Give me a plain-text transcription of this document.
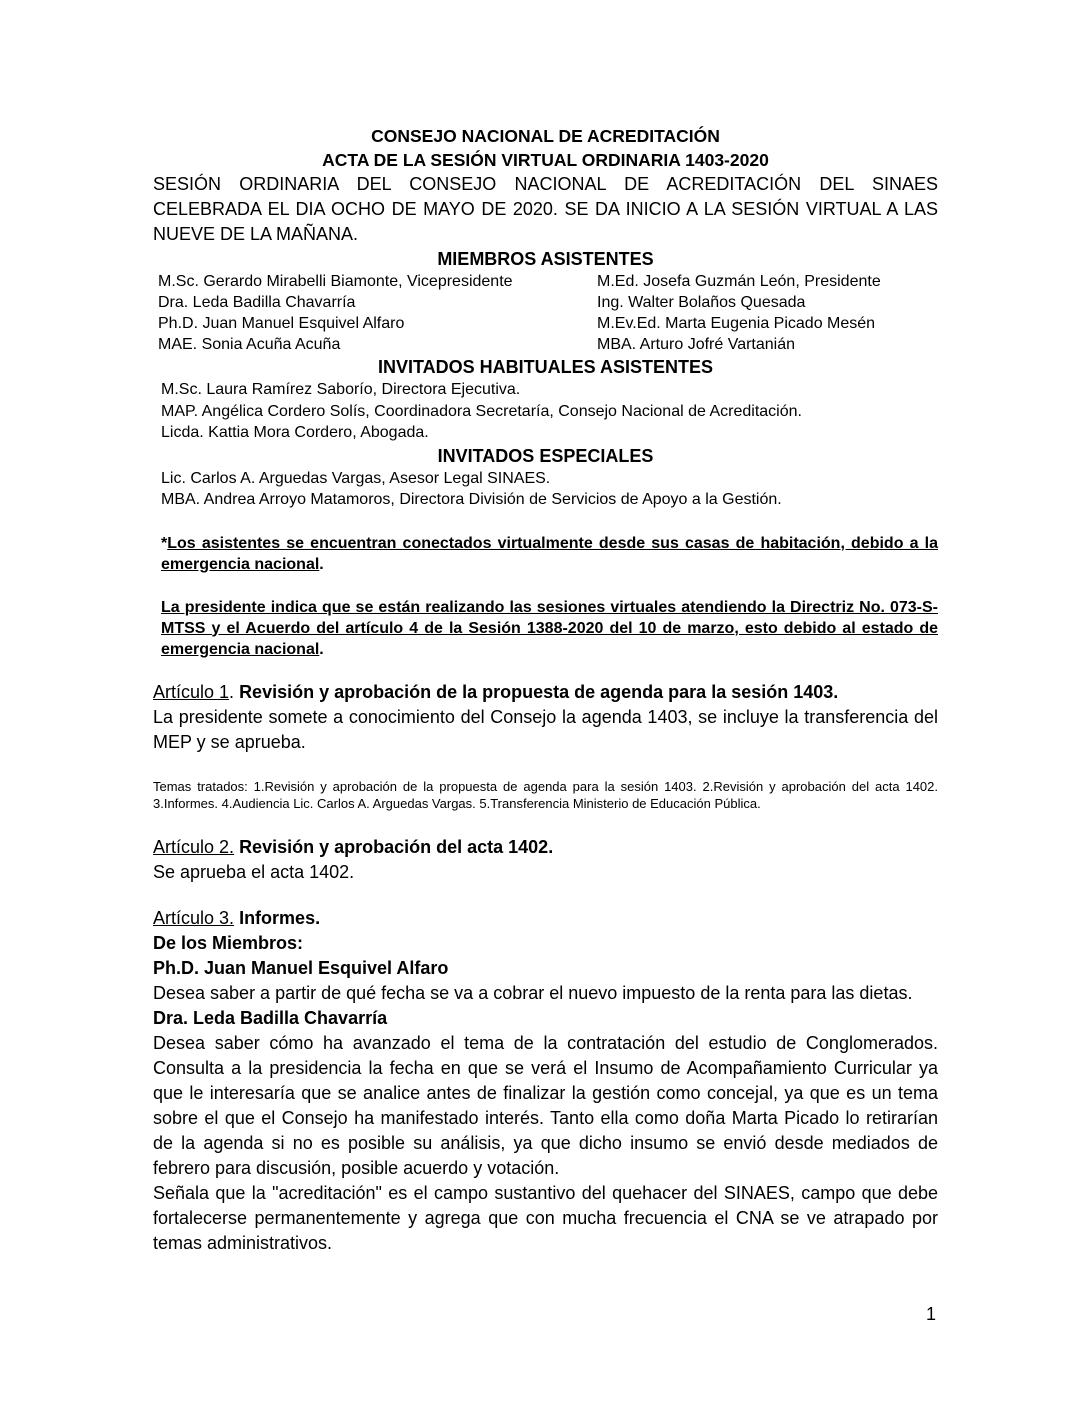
CONSEJO NACIONAL DE ACREDITACIÓN
ACTA DE LA SESIÓN VIRTUAL ORDINARIA 1403-2020

SESIÓN ORDINARIA DEL CONSEJO NACIONAL DE ACREDITACIÓN DEL SINAES CELEBRADA EL DIA OCHO DE MAYO DE 2020. SE DA INICIO A LA SESIÓN VIRTUAL A LAS NUEVE DE LA MAÑANA.

MIEMBROS ASISTENTES
M.Sc. Gerardo Mirabelli Biamonte, Vicepresidente	M.Ed. Josefa Guzmán León, Presidente
Dra. Leda Badilla Chavarría	Ing. Walter Bolaños Quesada
Ph.D. Juan Manuel Esquivel Alfaro	M.Ev.Ed. Marta Eugenia Picado Mesén
MAE. Sonia Acuña Acuña	MBA. Arturo Jofré Vartanián
INVITADOS HABITUALES ASISTENTES
M.Sc. Laura Ramírez Saborío, Directora Ejecutiva.
MAP. Angélica Cordero Solís, Coordinadora Secretaría, Consejo Nacional de Acreditación.
Licda. Kattia Mora Cordero, Abogada.
INVITADOS ESPECIALES
Lic. Carlos A. Arguedas Vargas, Asesor Legal SINAES.
MBA. Andrea Arroyo Matamoros, Directora División de Servicios de Apoyo a la Gestión.
*Los asistentes se encuentran conectados virtualmente desde sus casas de habitación, debido a la emergencia nacional.
La presidente indica que se están realizando las sesiones virtuales atendiendo la Directriz No. 073-S-MTSS y el Acuerdo del artículo 4 de la Sesión 1388-2020 del 10 de marzo, esto debido al estado de emergencia nacional.

Artículo 1. Revisión y aprobación de la propuesta de agenda para la sesión 1403.

La presidente somete a conocimiento del Consejo la agenda 1403, se incluye la transferencia del MEP y se aprueba.

Temas tratados: 1.Revisión y aprobación de la propuesta de agenda para la sesión 1403. 2.Revisión y aprobación del acta 1402. 3.Informes. 4.Audiencia Lic. Carlos A. Arguedas Vargas. 5.Transferencia Ministerio de Educación Pública.

Artículo 2. Revisión y aprobación del acta 1402.

Se aprueba el acta 1402.

Artículo 3. Informes.

De los Miembros:

Ph.D. Juan Manuel Esquivel Alfaro

Desea saber a partir de qué fecha se va a cobrar el nuevo impuesto de la renta para las dietas.

Dra. Leda Badilla Chavarría

Desea saber cómo ha avanzado el tema de la contratación del estudio de Conglomerados. Consulta a la presidencia la fecha en que se verá el Insumo de Acompañamiento Curricular ya que le interesaría que se analice antes de finalizar la gestión como concejal, ya que es un tema sobre el que el Consejo ha manifestado interés. Tanto ella como doña Marta Picado lo retirarían de la agenda si no es posible su análisis, ya que dicho insumo se envió desde mediados de febrero para discusión, posible acuerdo y votación.

Señala que la "acreditación" es el campo sustantivo del quehacer del SINAES, campo que debe fortalecerse permanentemente y agrega que con mucha frecuencia el CNA se ve atrapado por temas administrativos.

1
